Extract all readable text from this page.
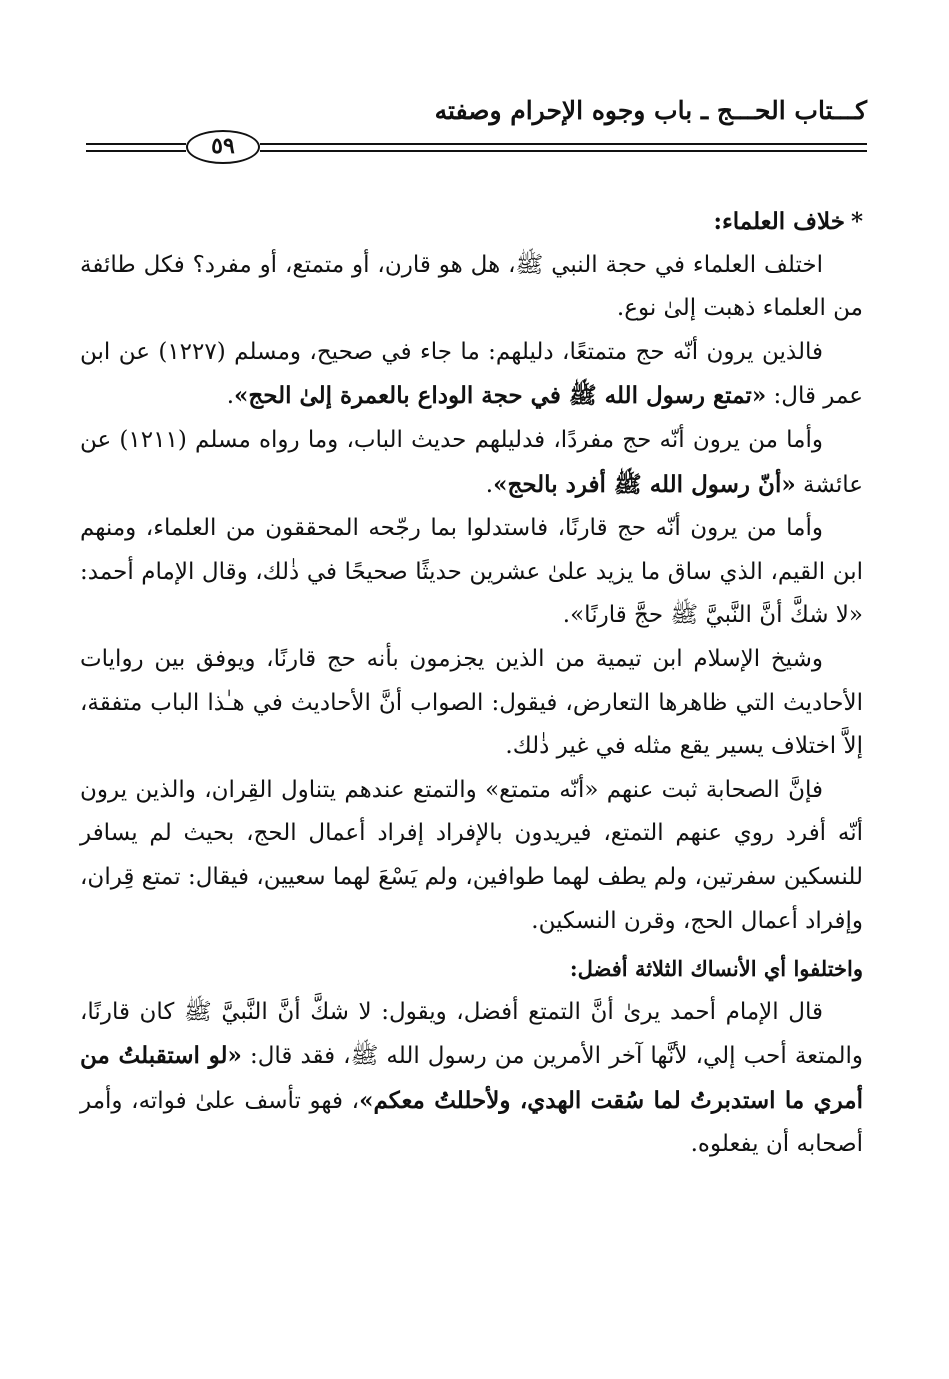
كـــتاب الحـــج ـ باب وجوه الإحرام وصفته
٥٩

*خلاف العلماء:

اختلف العلماء في حجة النبي ﷺ، هل هو قارن، أو متمتع، أو مفرد؟ فكل طائفة من العلماء ذهبت إلىٰ نوع.

فالذين يرون أنّه حج متمتعًا، دليلهم: ما جاء في صحيح، ومسلم (١٢٢٧) عن ابن عمر قال: «تمتع رسول الله ﷺ في حجة الوداع بالعمرة إلىٰ الحج».

وأما من يرون أنّه حج مفردًا، فدليلهم حديث الباب، وما رواه مسلم (١٢١١) عن عائشة «أنّ رسول الله ﷺ أفرد بالحج».

وأما من يرون أنّه حج قارنًا، فاستدلوا بما رجّحه المحققون من العلماء، ومنهم ابن القيم، الذي ساق ما يزيد علىٰ عشرين حديثًا صحيحًا في ذٰلك، وقال الإمام أحمد: «لا شكَّ أنَّ النَّبيَّ ﷺ حجَّ قارنًا».

وشيخ الإسلام ابن تيمية من الذين يجزمون بأنه حج قارنًا، ويوفق بين روايات الأحاديث التي ظاهرها التعارض، فيقول: الصواب أنَّ الأحاديث في هـٰذا الباب متفقة، إلاَّ اختلاف يسير يقع مثله في غير ذٰلك.

فإنَّ الصحابة ثبت عنهم «أنّه متمتع» والتمتع عندهم يتناول القِران، والذين يرون أنّه أفرد روي عنهم التمتع، فيريدون بالإفراد إفراد أعمال الحج، بحيث لم يسافر للنسكين سفرتين، ولم يطف لهما طوافين، ولم يَسْعَ لهما سعيين، فيقال: تمتع قِران، وإفراد أعمال الحج، وقرن النسكين.

واختلفوا أي الأنساك الثلاثة أفضل:

قال الإمام أحمد يرىٰ أنَّ التمتع أفضل، ويقول: لا شكَّ أنَّ النَّبيَّ ﷺ كان قارنًا، والمتعة أحب إلي، لأنَّها آخر الأمرين من رسول الله ﷺ، فقد قال: «لو استقبلتُ من أمري ما استدبرتُ لما سُقت الهدي، ولأحللتُ معكم»، فهو تأسف علىٰ فواته، وأمر أصحابه أن يفعلوه.
